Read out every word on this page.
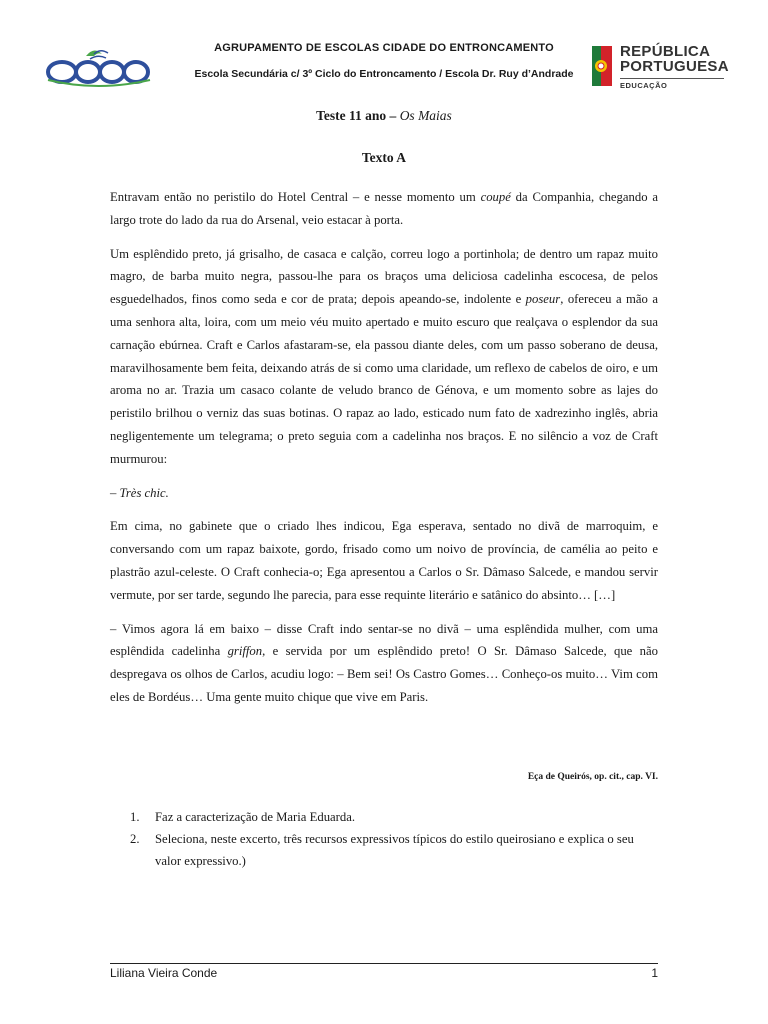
AGRUPAMENTO DE ESCOLAS CIDADE DO ENTRONCAMENTO
Escola Secundária c/ 3º Ciclo do Entroncamento / Escola Dr. Ruy d’Andrade
REPÚBLICA
PORTUGUESA
EDUCAÇÃO
Teste 11 ano – Os Maias
Texto A

Entravam então no peristilo do Hotel Central – e nesse momento um coupé da Companhia, chegando a largo trote do lado da rua do Arsenal, veio estacar à porta.

Um esplêndido preto, já grisalho, de casaca e calção, correu logo a portinhola; de dentro um rapaz muito magro, de barba muito negra, passou-lhe para os braços uma deliciosa cadelinha escocesa, de pelos esguedelhados, finos como seda e cor de prata; depois apeando-se, indolente e poseur, ofereceu a mão a uma senhora alta, loira, com um meio véu muito apertado e muito escuro que realçava o esplendor da sua carnação ebúrnea. Craft e Carlos afastaram-se, ela passou diante deles, com um passo soberano de deusa, maravilhosamente bem feita, deixando atrás de si como uma claridade, um reflexo de cabelos de oiro, e um aroma no ar. Trazia um casaco colante de veludo branco de Génova, e um momento sobre as lajes do peristilo brilhou o verniz das suas botinas. O rapaz ao lado, esticado num fato de xadrezinho inglês, abria negligentemente um telegrama; o preto seguia com a cadelinha nos braços. E no silêncio a voz de Craft murmurou:

– Très chic.

Em cima, no gabinete que o criado lhes indicou, Ega esperava, sentado no divã de marroquim, e conversando com um rapaz baixote, gordo, frisado como um noivo de província, de camélia ao peito e plastrão azul-celeste. O Craft conhecia-o; Ega apresentou a Carlos o Sr. Dâmaso Salcede, e mandou servir vermute, por ser tarde, segundo lhe parecia, para esse requinte literário e satânico do absinto… […]

– Vimos agora lá em baixo – disse Craft indo sentar-se no divã – uma esplêndida mulher, com uma esplêndida cadelinha griffon, e servida por um esplêndido preto! O Sr. Dâmaso Salcede, que não despregava os olhos de Carlos, acudiu logo: – Bem sei! Os Castro Gomes… Conheço-os muito… Vim com eles de Bordéus… Uma gente muito chique que vive em Paris.

Eça de Queirós, op. cit., cap. VI.
1.	Faz a caracterização de Maria Eduarda.
2.	Seleciona, neste excerto, três recursos expressivos típicos do estilo queirosiano e explica o seu valor expressivo.)
Liliana Vieira Conde	1
